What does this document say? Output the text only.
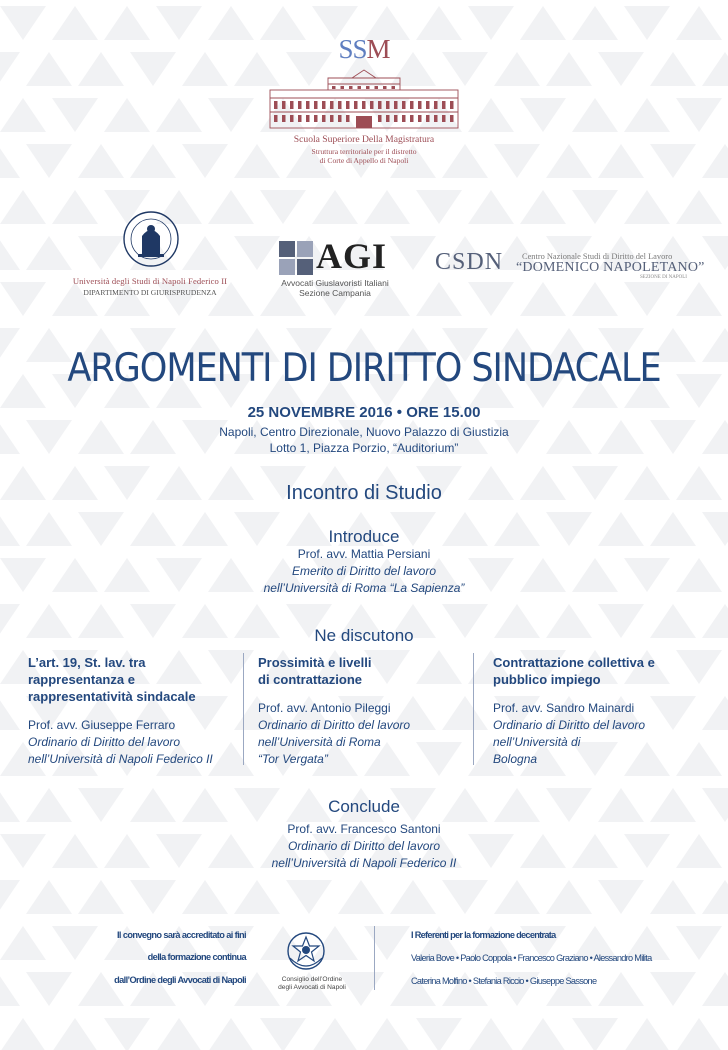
SSM
Scuola Superiore Della Magistratura
Struttura territoriale per il distretto
di Corte di Appello di Napoli
Università degli Studi di Napoli Federico II
DIPARTIMENTO DI GIURISPRUDENZA
AGI
Avvocati Giuslavoristi Italiani
Sezione Campania
CSDN Centro Nazionale Studi di Diritto del Lavoro
“DOMENICO NAPOLETANO”
SEZIONE DI NAPOLI
ARGOMENTI DI DIRITTO SINDACALE
25 NOVEMBRE 2016 • ORE 15.00
Napoli, Centro Direzionale, Nuovo Palazzo di Giustizia
Lotto 1, Piazza Porzio, “Auditorium”
Incontro di Studio
Introduce
Prof. avv. Mattia Persiani
Emerito di Diritto del lavoro
nell’Università di Roma “La Sapienza”
Ne discutono
L’art. 19, St. lav. tra
rappresentanza e
rappresentatività sindacale
Prof. avv. Giuseppe Ferraro
Ordinario di Diritto del lavoro
nell’Università di Napoli Federico II
Prossimità e livelli
di contrattazione
Prof. avv. Antonio Pileggi
Ordinario di Diritto del lavoro
nell’Università di Roma
“Tor Vergata”
Contrattazione collettiva e
pubblico impiego
Prof. avv. Sandro Mainardi
Ordinario di Diritto del lavoro
nell’Università di
Bologna
Conclude
Prof. avv. Francesco Santoni
Ordinario di Diritto del lavoro
nell’Università di Napoli Federico II
Il convegno sarà accreditato ai fini
della formazione continua
dall’Ordine degli Avvocati di Napoli	Consiglio dell’Ordine
degli Avvocati di Napoli
I Referenti per la formazione decentrata
Valeria Bove • Paolo Coppola • Francesco Graziano • Alessandro Milita
Caterina Molfino • Stefania Riccio • Giuseppe Sassone
